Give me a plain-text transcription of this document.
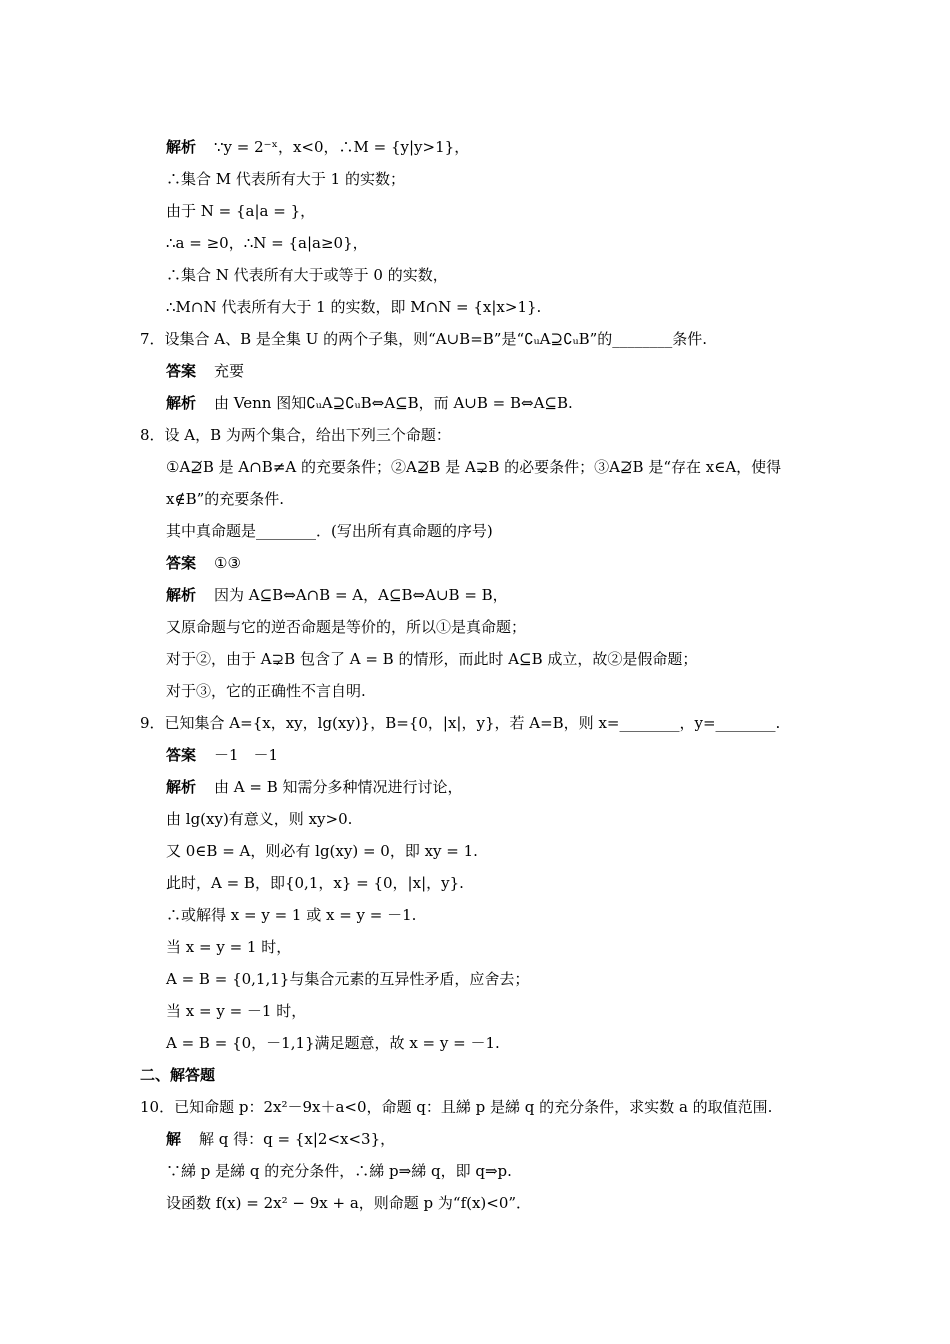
解析 ∵y = 2⁻ˣ，x<0，∴M = {y|y>1}，
∴集合 M 代表所有大于 1 的实数；
由于 N = {a|a = }，
∴a = ≥0，∴N = {a|a≥0}，
∴集合 N 代表所有大于或等于 0 的实数，
∴M∩N 代表所有大于 1 的实数，即 M∩N = {x|x>1}.
7．设集合 A、B 是全集 U 的两个子集，则“A∪B=B”是“∁ᵤA⊇∁ᵤB”的________条件.
答案 充要
解析 由 Venn 图知∁ᵤA⊇∁ᵤB⇔A⊆B，而 A∪B = B⇔A⊆B.
8．设 A，B 为两个集合，给出下列三个命题：
①A⊉B 是 A∩B≠A 的充要条件；②A⊉B 是 A⊋B 的必要条件；③A⊉B 是“存在 x∈A，使得
x∉B”的充要条件.
其中真命题是________．(写出所有真命题的序号)
答案 ①③
解析 因为 A⊆B⇔A∩B = A，A⊆B⇔A∪B = B，
又原命题与它的逆否命题是等价的，所以①是真命题；
对于②，由于 A⊋B 包含了 A = B 的情形，而此时 A⊆B 成立，故②是假命题；
对于③，它的正确性不言自明.
9．已知集合 A={x，xy，lg(xy)}，B={0，|x|，y}，若 A=B，则 x=________，y=________.
答案 －1　－1
解析 由 A = B 知需分多种情况进行讨论，
由 lg(xy)有意义，则 xy>0.
又 0∈B = A，则必有 lg(xy) = 0，即 xy = 1.
此时，A = B，即{0,1，x} = {0，|x|，y}.
∴或解得 x = y = 1 或 x = y = －1.
当 x = y = 1 时，
A = B = {0,1,1}与集合元素的互异性矛盾，应舍去；
当 x = y = －1 时，
A = B = {0，－1,1}满足题意，故 x = y = －1.
二、解答题
10．已知命题 p：2x²－9x＋a<0，命题 q：且綈 p 是綈 q 的充分条件，求实数 a 的取值范围.
解 解 q 得：q = {x|2<x<3}，
∵綈 p 是綈 q 的充分条件，∴綈 p⇒綈 q，即 q⇒p.
设函数 f(x) = 2x² − 9x + a，则命题 p 为“f(x)<0”．
